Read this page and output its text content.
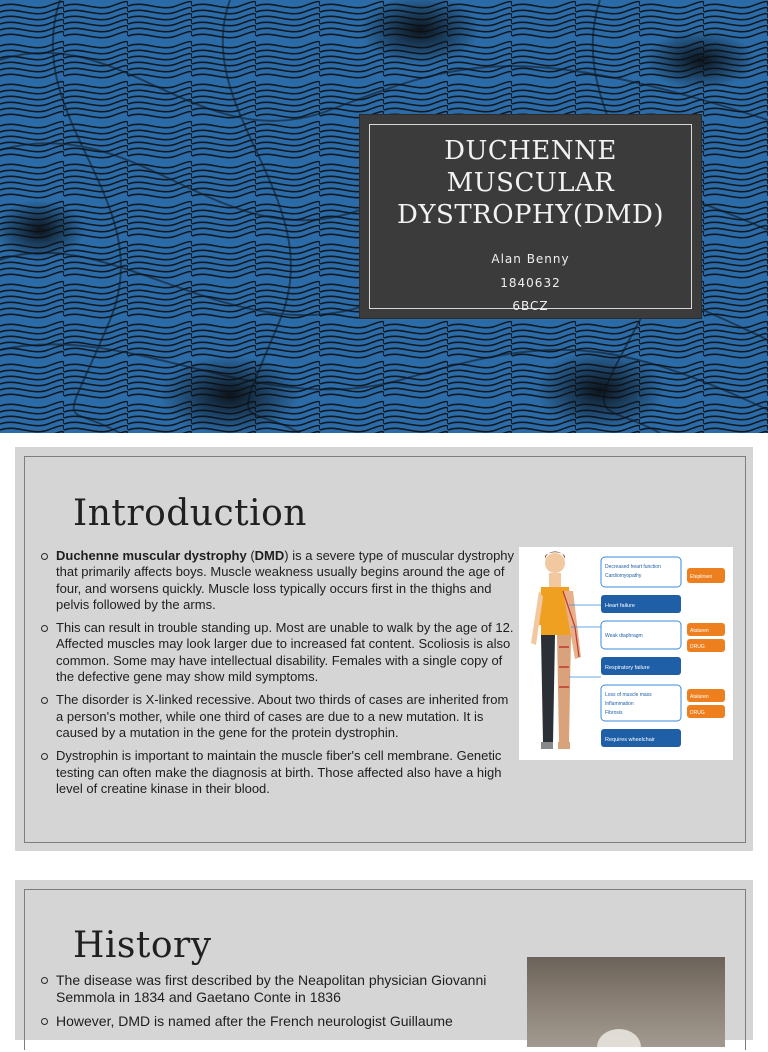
DUCHENNE
MUSCULAR
DYSTROPHY(DMD)
Alan Benny
1840632
6BCZ
Introduction
Duchenne muscular dystrophy (DMD) is a severe type of muscular dystrophy that primarily affects boys. Muscle weakness usually begins around the age of four, and worsens quickly. Muscle loss typically occurs first in the thighs and pelvis followed by the arms.
This can result in trouble standing up. Most are unable to walk by the age of 12. Affected muscles may look larger due to increased fat content. Scoliosis is also common. Some may have intellectual disability. Females with a single copy of the defective gene may show mild symptoms.
The disorder is X-linked recessive. About two thirds of cases are inherited from a person's mother, while one third of cases are due to a new mutation. It is caused by a mutation in the gene for the protein dystrophin.
Dystrophin is important to maintain the muscle fiber's cell membrane. Genetic testing can often make the diagnosis at birth. Those affected also have a high level of creatine kinase in their blood.
Decreased heart function
Cardiomyopathy
Heart failure
Eteplirsen
Weak diaphragm
Respiratory failure
Ataluren
DRUG
Loss of muscle mass
Inflammation
Fibrosis
Requires wheelchair
Ataluren
DRUG
History
The disease was first described by the Neapolitan physician Giovanni Semmola in 1834 and Gaetano Conte in 1836
However, DMD is named after the French neurologist Guillaume
